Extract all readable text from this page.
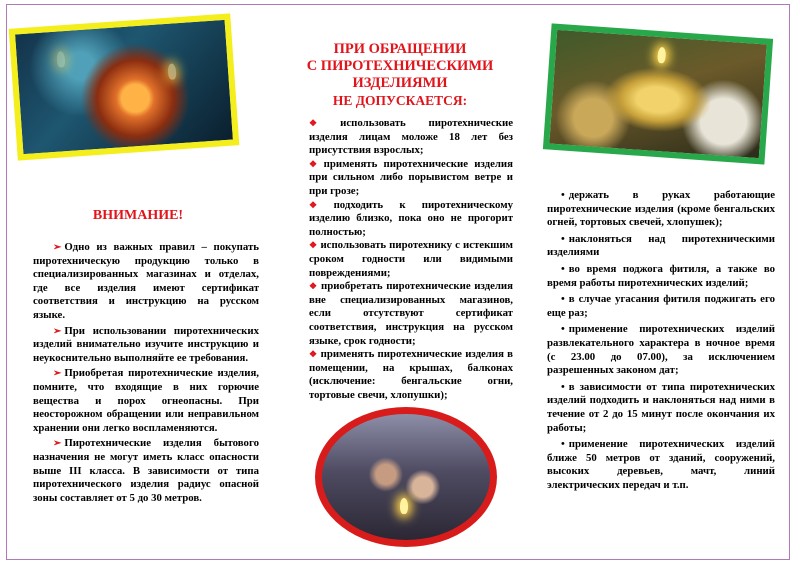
ВНИМАНИЕ!

➢ Одно из важных правил – покупать пиротехническую продукцию только в специализированных магазинах и отделах, где все изделия имеют сертификат соответствия и инструкцию на русском языке.

➢ При использовании пиротехнических изделий внимательно изучите инструкцию и неукоснительно выполняйте ее требования.

➢ Приобретая пиротехнические изделия, помните, что входящие в них горючие вещества и порох огнеопасны. При неосторожном обращении или неправильном хранении они легко воспламеняются.

➢ Пиротехнические изделия бытового назначения не могут иметь класс опасности выше III класса. В зависимости от типа пиротехнического изделия радиус опасной зоны составляет от 5 до 30 метров.

ПРИ ОБРАЩЕНИИ
С ПИРОТЕХНИЧЕСКИМИ
ИЗДЕЛИЯМИ
НЕ ДОПУСКАЕТСЯ:

❖ использовать пиротехнические изделия лицам моложе 18 лет без присутствия взрослых;

❖ применять пиротехнические изделия при сильном либо порывистом ветре и при грозе;

❖ подходить к пиротехническому изделию близко, пока оно не прогорит полностью;

❖ использовать пиротехнику с истекшим сроком годности или видимыми повреждениями;

❖ приобретать пиротехнические изделия вне специализированных магазинов, если отсутствуют сертификат соответствия, инструкция на русском языке, срок годности;

❖ применять пиротехнические изделия в помещении, на крышах, балконах (исключение: бенгальские огни, тортовые свечи, хлопушки);

• держать в руках работающие пиротехнические изделия (кроме бенгальских огней, тортовых свечей, хлопушек);

• наклоняться над пиротехническими изделиями

• во время поджога фитиля, а также во время работы пиротехнических изделий;

• в случае угасания фитиля поджигать его еще раз;

• применение пиротехнических изделий развлекательного характера в ночное время (с 23.00 до 07.00), за исключением разрешенных законом дат;

• в зависимости от типа пиротехнических изделий подходить и наклоняться над ними в течение от 2 до 15 минут после окончания их работы;

• применение пиротехнических изделий ближе 50 метров от зданий, сооружений, высоких деревьев, мачт, линий электрических передач и т.п.
